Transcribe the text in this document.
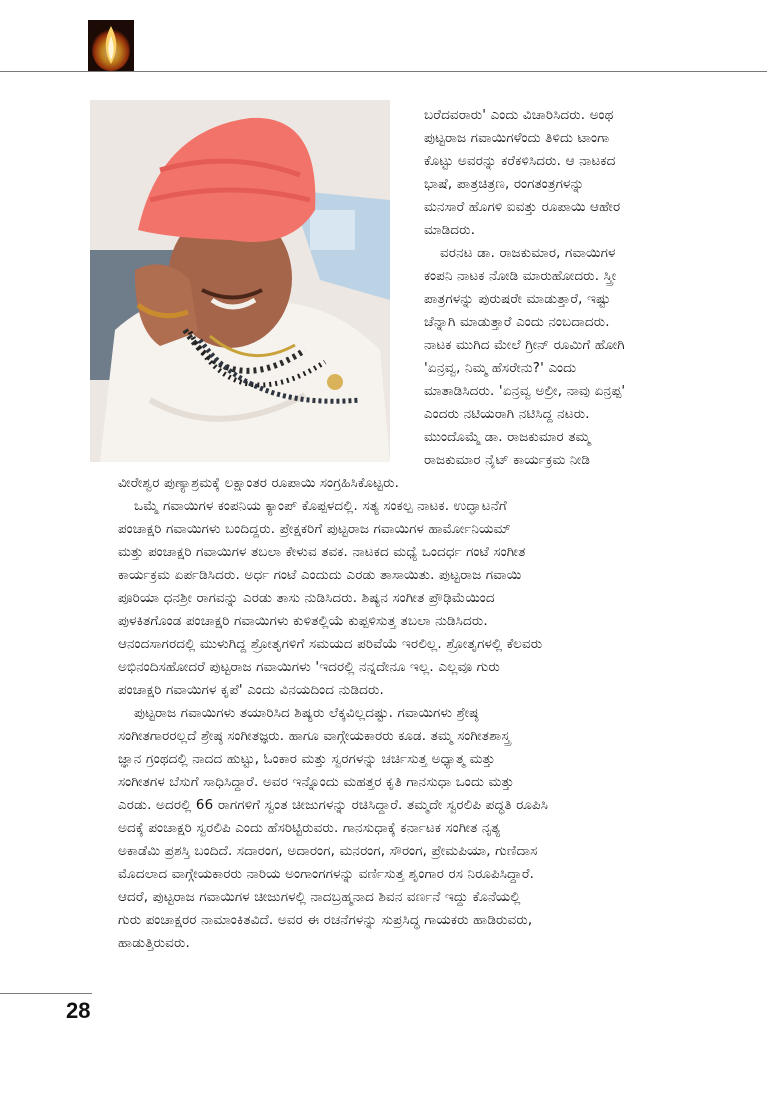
ಬರೆದವರಾರು' ಎಂದು ವಿಚಾರಿಸಿದರು. ಅಂಥ

ಪುಟ್ಟರಾಜ ಗವಾಯಿಗಳೆಂದು ತಿಳಿದು ಟಾಂಗಾ

ಕೊಟ್ಟು ಅವರನ್ನು ಕರೆಕಳಿಸಿದರು. ಆ ನಾಟಕದ

ಭಾಷೆ, ಪಾತ್ರಚಿತ್ರಣ, ರಂಗತಂತ್ರಗಳನ್ನು

ಮನಸಾರೆ ಹೊಗಳಿ ಐವತ್ತು ರೂಪಾಯಿ ಆಹೇರ

ಮಾಡಿದರು.

ವರನಟ ಡಾ. ರಾಜಕುಮಾರ, ಗವಾಯಿಗಳ

ಕಂಪನಿ ನಾಟಕ ನೋಡಿ ಮಾರುಹೋದರು. ಸ್ತ್ರೀ

ಪಾತ್ರಗಳನ್ನು ಪುರುಷರೇ ಮಾಡುತ್ತಾರೆ, ಇಷ್ಟು

ಚೆನ್ನಾಗಿ ಮಾಡುತ್ತಾರೆ ಎಂದು ನಂಬದಾದರು.

ನಾಟಕ ಮುಗಿದ ಮೇಲೆ ಗ್ರೀನ್ ರೂಮಿಗೆ ಹೋಗಿ

'ಏನ್ರವ್ವ, ನಿಮ್ಮ ಹೆಸರೇನು?' ಎಂದು

ಮಾತಾಡಿಸಿದರು. 'ಏನ್ರವ್ವ ಅಲ್ರೀ, ನಾವು ಏನ್ರಪ್ಪ'

ಎಂದರು ನಟಿಯರಾಗಿ ನಟಿಸಿದ್ದ ನಟರು.

ಮುಂದೊಮ್ಮೆ ಡಾ. ರಾಜಕುಮಾರ ತಮ್ಮ

ರಾಜಕುಮಾರ ನೈಟ್ ಕಾರ್ಯಕ್ರಮ ನೀಡಿ

ವೀರೇಶ್ವರ ಪುಣ್ಯಾಶ್ರಮಕ್ಕೆ ಲಕ್ಷಾಂತರ ರೂಪಾಯಿ ಸಂಗ್ರಹಿಸಿಕೊಟ್ಟರು.

ಒಮ್ಮೆ ಗವಾಯಿಗಳ ಕಂಪನಿಯ ಕ್ಯಾಂಪ್ ಕೊಪ್ಪಳದಲ್ಲಿ. ಸತ್ಯ ಸಂಕಲ್ಪ ನಾಟಕ. ಉದ್ಘಾಟನೆಗೆ

ಪಂಚಾಕ್ಷರಿ ಗವಾಯಿಗಳು ಬಂದಿದ್ದರು. ಪ್ರೇಕ್ಷಕರಿಗೆ ಪುಟ್ಟರಾಜ ಗವಾಯಿಗಳ ಹಾರ್ಮೋನಿಯಮ್

ಮತ್ತು ಪಂಚಾಕ್ಷರಿ ಗವಾಯಿಗಳ ತಬಲಾ ಕೇಳುವ ತವಕ. ನಾಟಕದ ಮಧ್ಯೆ ಒಂದರ್ಧ ಗಂಟೆ ಸಂಗೀತ

ಕಾರ್ಯಕ್ರಮ ಏರ್ಪಡಿಸಿದರು. ಅರ್ಧ ಗಂಟೆ ಎಂದುದು ಎರಡು ತಾಸಾಯಿತು. ಪುಟ್ಟರಾಜ ಗವಾಯಿ

ಪೂರಿಯಾ ಧನಶ್ರೀ ರಾಗವನ್ನು ಎರಡು ತಾಸು ನುಡಿಸಿದರು. ಶಿಷ್ಯನ ಸಂಗೀತ ಪ್ರೌಢಿಮೆಯಿಂದ

ಪುಳಕಿತಗೊಂಡ ಪಂಚಾಕ್ಷರಿ ಗವಾಯಿಗಳು ಕುಳಿತಲ್ಲಿಯೆ ಕುಪ್ಪಳಿಸುತ್ತ ತಬಲಾ ನುಡಿಸಿದರು.

ಆನಂದಸಾಗರದಲ್ಲಿ ಮುಳುಗಿದ್ದ ಶ್ರೋತೃಗಳಿಗೆ ಸಮಯದ ಪರಿವೆಯೆ ಇರಲಿಲ್ಲ. ಶ್ರೋತೃಗಳಲ್ಲಿ ಕೆಲವರು

ಅಭಿನಂದಿಸಹೋದರೆ ಪುಟ್ಟರಾಜ ಗವಾಯಿಗಳು 'ಇದರಲ್ಲಿ ನನ್ನದೇನೂ ಇಲ್ಲ. ಎಲ್ಲವೂ ಗುರು

ಪಂಚಾಕ್ಷರಿ ಗವಾಯಿಗಳ ಕೃಪೆ' ಎಂದು ವಿನಯದಿಂದ ನುಡಿದರು.

ಪುಟ್ಟರಾಜ ಗವಾಯಿಗಳು ತಯಾರಿಸಿದ ಶಿಷ್ಯರು ಲೆಕ್ಕವಿಲ್ಲದಷ್ಟು. ಗವಾಯಿಗಳು ಶ್ರೇಷ್ಠ

ಸಂಗೀತಗಾರರಲ್ಲದೆ ಶ್ರೇಷ್ಠ ಸಂಗೀತಜ್ಞರು. ಹಾಗೂ ವಾಗ್ಗೇಯಕಾರರು ಕೂಡ. ತಮ್ಮ ಸಂಗೀತಶಾಸ್ತ್ರ

ಜ್ಞಾನ ಗ್ರಂಥದಲ್ಲಿ ನಾದದ ಹುಟ್ಟು, ಓಂಕಾರ ಮತ್ತು ಸ್ವರಗಳನ್ನು ಚರ್ಚಿಸುತ್ತ ಅಧ್ಯಾತ್ಮ ಮತ್ತು

ಸಂಗೀತಗಳ ಬೆಸುಗೆ ಸಾಧಿಸಿದ್ದಾರೆ. ಅವರ ಇನ್ನೊಂದು ಮಹತ್ತರ ಕೃತಿ ಗಾನಸುಧಾ ಒಂದು ಮತ್ತು

ಎರಡು. ಅದರಲ್ಲಿ 66 ರಾಗಗಳಿಗೆ ಸ್ವಂತ ಚೀಜುಗಳನ್ನು ರಚಿಸಿದ್ದಾರೆ. ತಮ್ಮದೇ ಸ್ವರಲಿಪಿ ಪದ್ಧತಿ ರೂಪಿಸಿ

ಅದಕ್ಕೆ ಪಂಚಾಕ್ಷರಿ ಸ್ವರಲಿಪಿ ಎಂದು ಹೆಸರಿಟ್ಟಿರುವರು. ಗಾನಸುಧಾಕ್ಕೆ ಕರ್ನಾಟಕ ಸಂಗೀತ ನೃತ್ಯ

ಅಕಾಡೆಮಿ ಪ್ರಶಸ್ತಿ ಬಂದಿದೆ. ಸದಾರಂಗ, ಅದಾರಂಗ, ಮನರಂಗ, ಸೌರಂಗ, ಪ್ರೇಮಪಿಯಾ, ಗುಣಿದಾಸ

ಮೊದಲಾದ ವಾಗ್ಗೇಯಕಾರರು ನಾರಿಯ ಅಂಗಾಂಗಗಳನ್ನು ವರ್ಣಿಸುತ್ತ ಶೃಂಗಾರ ರಸ ನಿರೂಪಿಸಿದ್ದಾರೆ.

ಆದರೆ, ಪುಟ್ಟರಾಜ ಗವಾಯಿಗಳ ಚೀಜುಗಳಲ್ಲಿ ನಾದಬ್ರಹ್ಮನಾದ ಶಿವನ ವರ್ಣನೆ ಇದ್ದು ಕೊನೆಯಲ್ಲಿ

ಗುರು ಪಂಚಾಕ್ಷರರ ನಾಮಾಂಕಿತವಿದೆ. ಅವರ ಈ ರಚನೆಗಳನ್ನು ಸುಪ್ರಸಿದ್ಧ ಗಾಯಕರು ಹಾಡಿರುವರು,

ಹಾಡುತ್ತಿರುವರು.

28
